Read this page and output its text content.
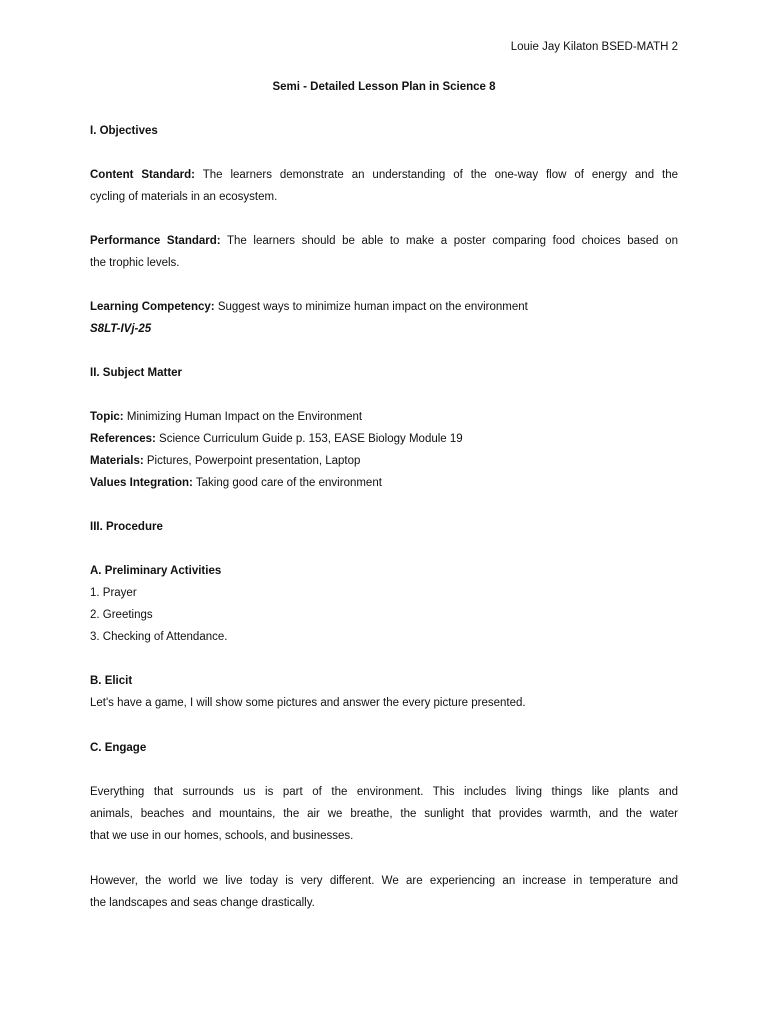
Louie Jay Kilaton BSED-MATH 2
Semi - Detailed Lesson Plan in Science 8
I. Objectives
Content Standard: The learners demonstrate an understanding of the one-way flow of energy and the
cycling of materials in an ecosystem.
Performance Standard: The learners should be able to make a poster comparing food choices based on
the trophic levels.
Learning Competency: Suggest ways to minimize human impact on the environment
S8LT-IVj-25
II. Subject Matter
Topic: Minimizing Human Impact on the Environment
References: Science Curriculum Guide p. 153, EASE Biology Module 19
Materials: Pictures, Powerpoint presentation, Laptop
Values Integration: Taking good care of the environment
III. Procedure
A. Preliminary Activities
1. Prayer
2. Greetings
3. Checking of Attendance.
B. Elicit
Let's have a game, I will show some pictures and answer the every picture presented.
C. Engage
Everything that surrounds us is part of the environment. This includes living things like plants and
animals, beaches and mountains, the air we breathe, the sunlight that provides warmth, and the water
that we use in our homes, schools, and businesses.
However, the world we live today is very different. We are experiencing an increase in temperature and
the landscapes and seas change drastically.
